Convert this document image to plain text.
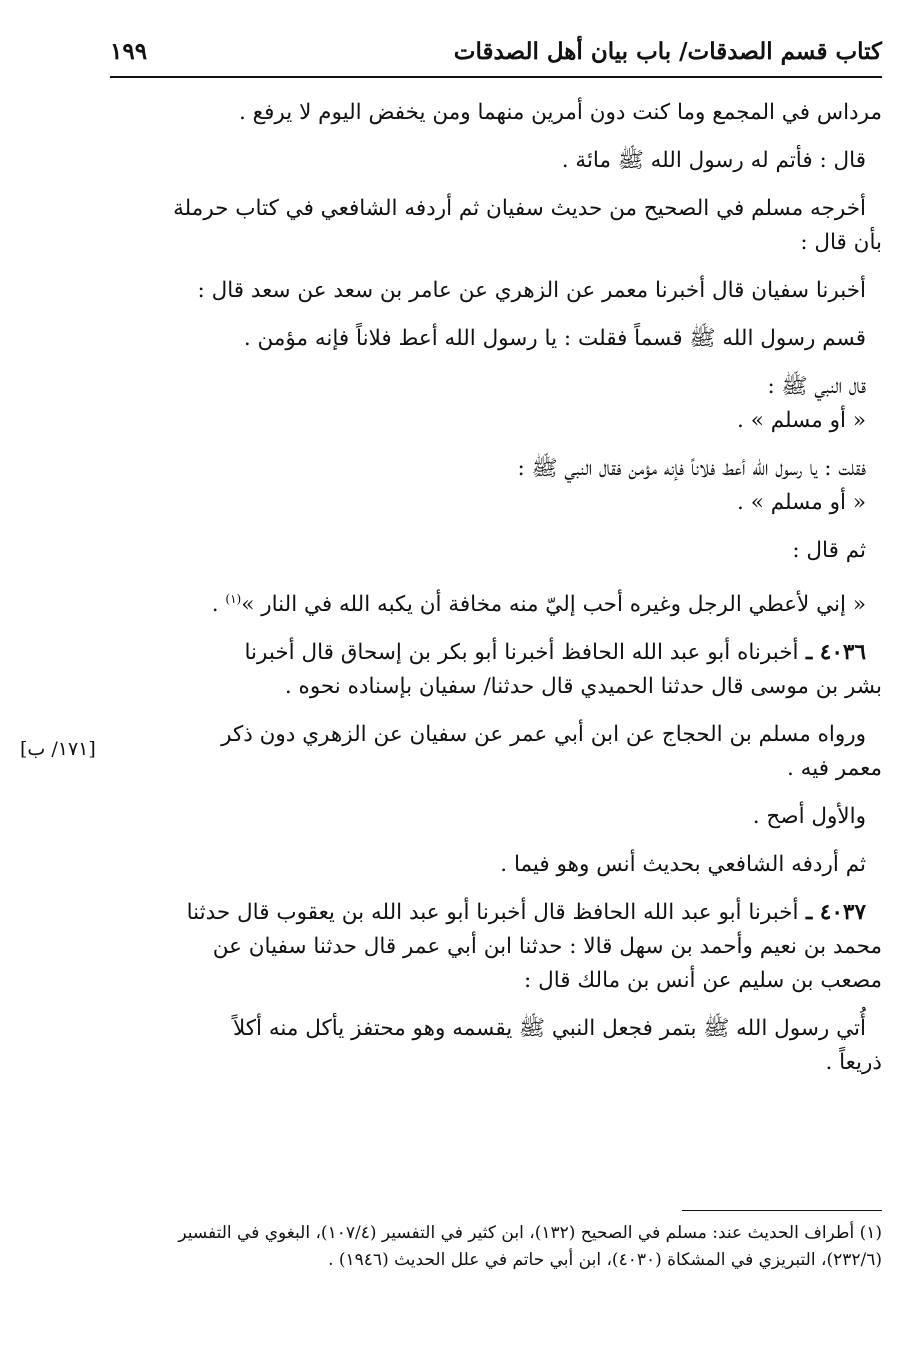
كتاب قسم الصدقات/ باب بيان أهل الصدقات
١٩٩
مرداس في المجمع وما كنت دون أمرين منهما ومن يخفض اليوم لا يرفع .
قال : فأتم له رسول الله ﷺ مائة .
أخرجه مسلم في الصحيح من حديث سفيان ثم أردفه الشافعي في كتاب حرملة
بأن قال :
أخبرنا سفيان قال أخبرنا معمر عن الزهري عن عامر بن سعد عن سعد قال :
قسم رسول الله ﷺ قسماً فقلت : يا رسول الله أعط فلاناً فإنه مؤمن .
قال النبي ﷺ :
« أو مسلم » .
فقلت : يا رسول الله أعط فلاناً فإنه مؤمن فقال النبي ﷺ :
« أو مسلم » .
ثم قال :
« إني لأعطي الرجل وغيره أحب إليّ منه مخافة أن يكبه الله في النار »$^{(١)}$ .
٤٠٣٦ ـ أخبرناه أبو عبد الله الحافظ أخبرنا أبو بكر بن إسحاق قال أخبرنا
بشر بن موسى قال حدثنا الحميدي قال حدثنا/ سفيان بإسناده نحوه .
ورواه مسلم بن الحجاج عن ابن أبي عمر عن سفيان عن الزهري دون ذكر
معمر فيه .
والأول أصح .
ثم أردفه الشافعي بحديث أنس وهو فيما .
٤٠٣٧ ـ أخبرنا أبو عبد الله الحافظ قال أخبرنا أبو عبد الله بن يعقوب قال حدثنا
محمد بن نعيم وأحمد بن سهل قالا : حدثنا ابن أبي عمر قال حدثنا سفيان عن
مصعب بن سليم عن أنس بن مالك قال :
أُتي رسول الله ﷺ بتمر فجعل النبي ﷺ يقسمه وهو محتفز يأكل منه أكلاً
ذريعاً .
[١٧١/ ب]
(١) أطراف الحديث عند: مسلم في الصحيح (١٣٢)، ابن كثير في التفسير (١٠٧/٤)، البغوي في التفسير
(٢٣٢/٦)، التبريزي في المشكاة (٤٠٣٠)، ابن أبي حاتم في علل الحديث (١٩٤٦) .
